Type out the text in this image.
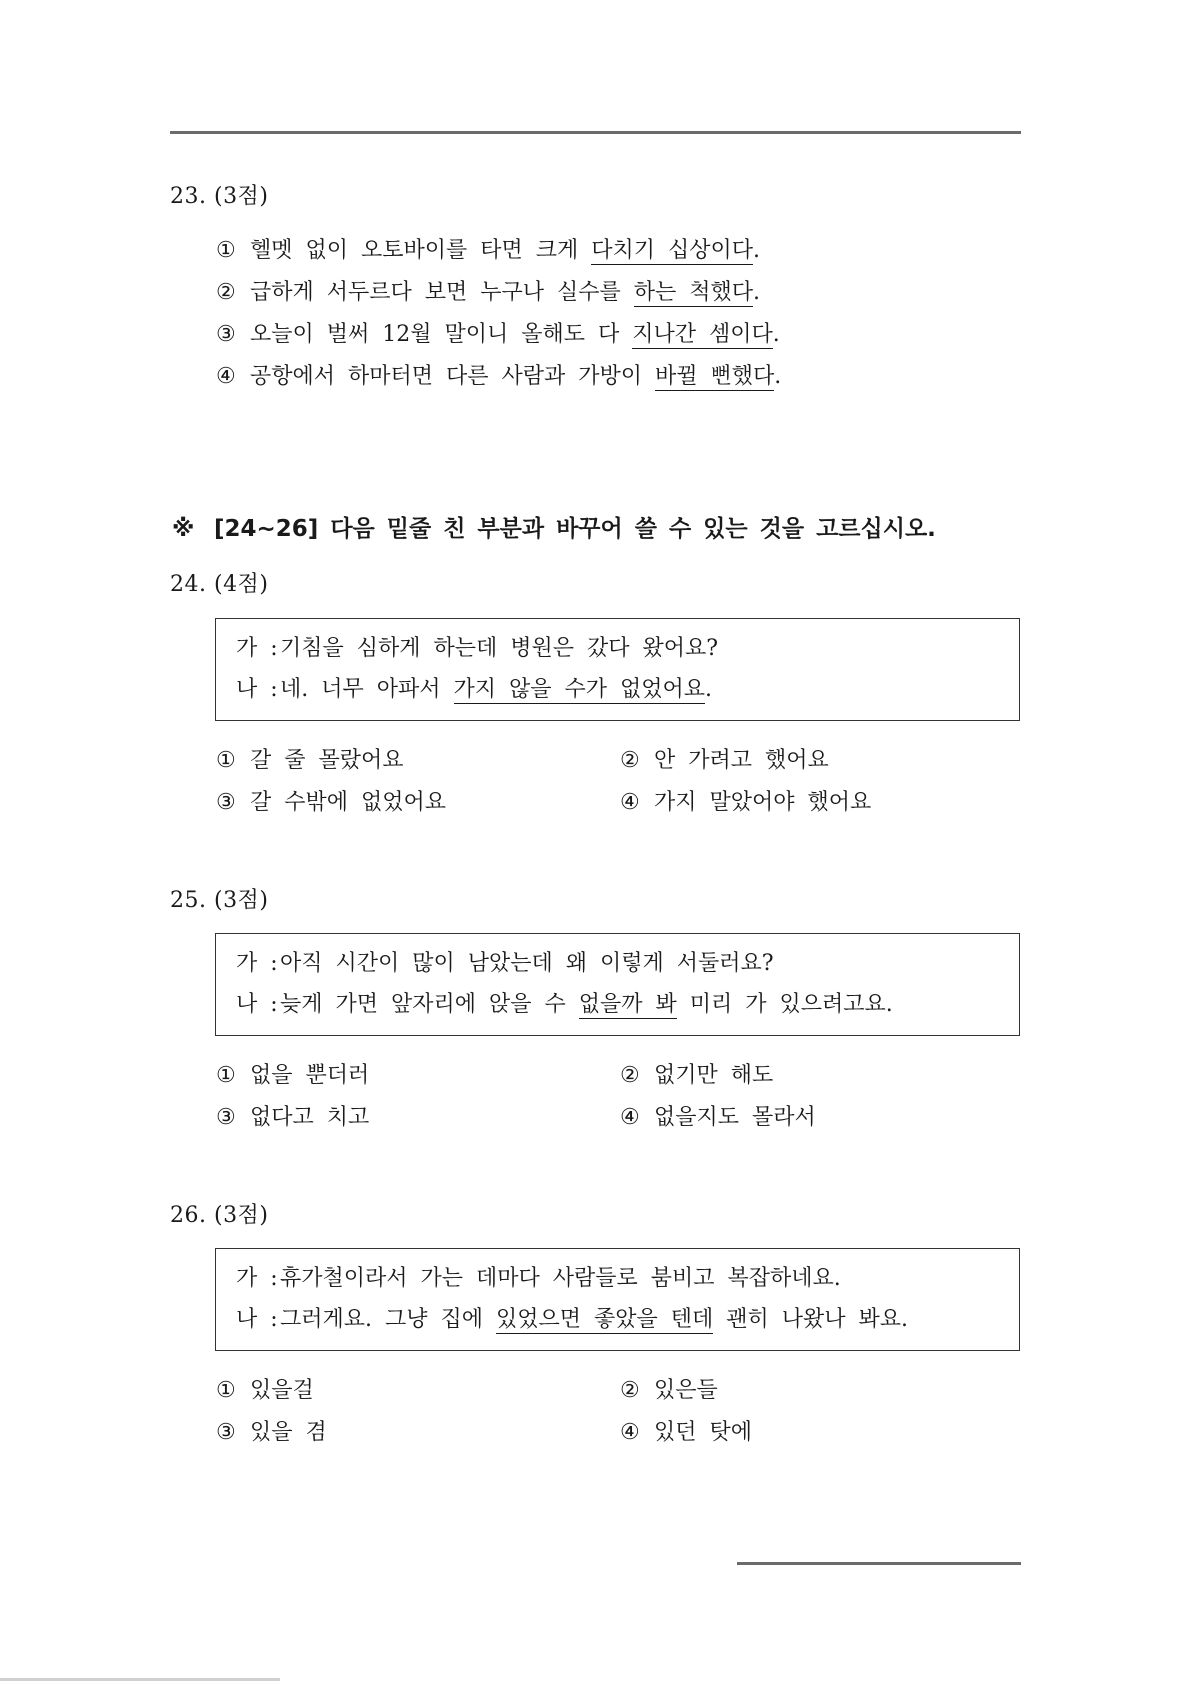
23. (3점)
① 헬멧 없이 오토바이를 타면 크게 다치기 십상이다.
② 급하게 서두르다 보면 누구나 실수를 하는 척했다.
③ 오늘이 벌써 12월 말이니 올해도 다 지나간 셈이다.
④ 공항에서 하마터면 다른 사람과 가방이 바뀔 뻔했다.
※ [24~26] 다음 밑줄 친 부분과 바꾸어 쓸 수 있는 것을 고르십시오.
24. (4점)
가 : 기침을 심하게 하는데 병원은 갔다 왔어요?
나 : 네. 너무 아파서 가지 않을 수가 없었어요.
① 갈 줄 몰랐어요	② 안 가려고 했어요
③ 갈 수밖에 없었어요	④ 가지 말았어야 했어요
25. (3점)
가 : 아직 시간이 많이 남았는데 왜 이렇게 서둘러요?
나 : 늦게 가면 앞자리에 앉을 수 없을까 봐 미리 가 있으려고요.
① 없을 뿐더러	② 없기만 해도
③ 없다고 치고	④ 없을지도 몰라서
26. (3점)
가 : 휴가철이라서 가는 데마다 사람들로 붐비고 복잡하네요.
나 : 그러게요. 그냥 집에 있었으면 좋았을 텐데 괜히 나왔나 봐요.
① 있을걸	② 있은들
③ 있을 겸	④ 있던 탓에
